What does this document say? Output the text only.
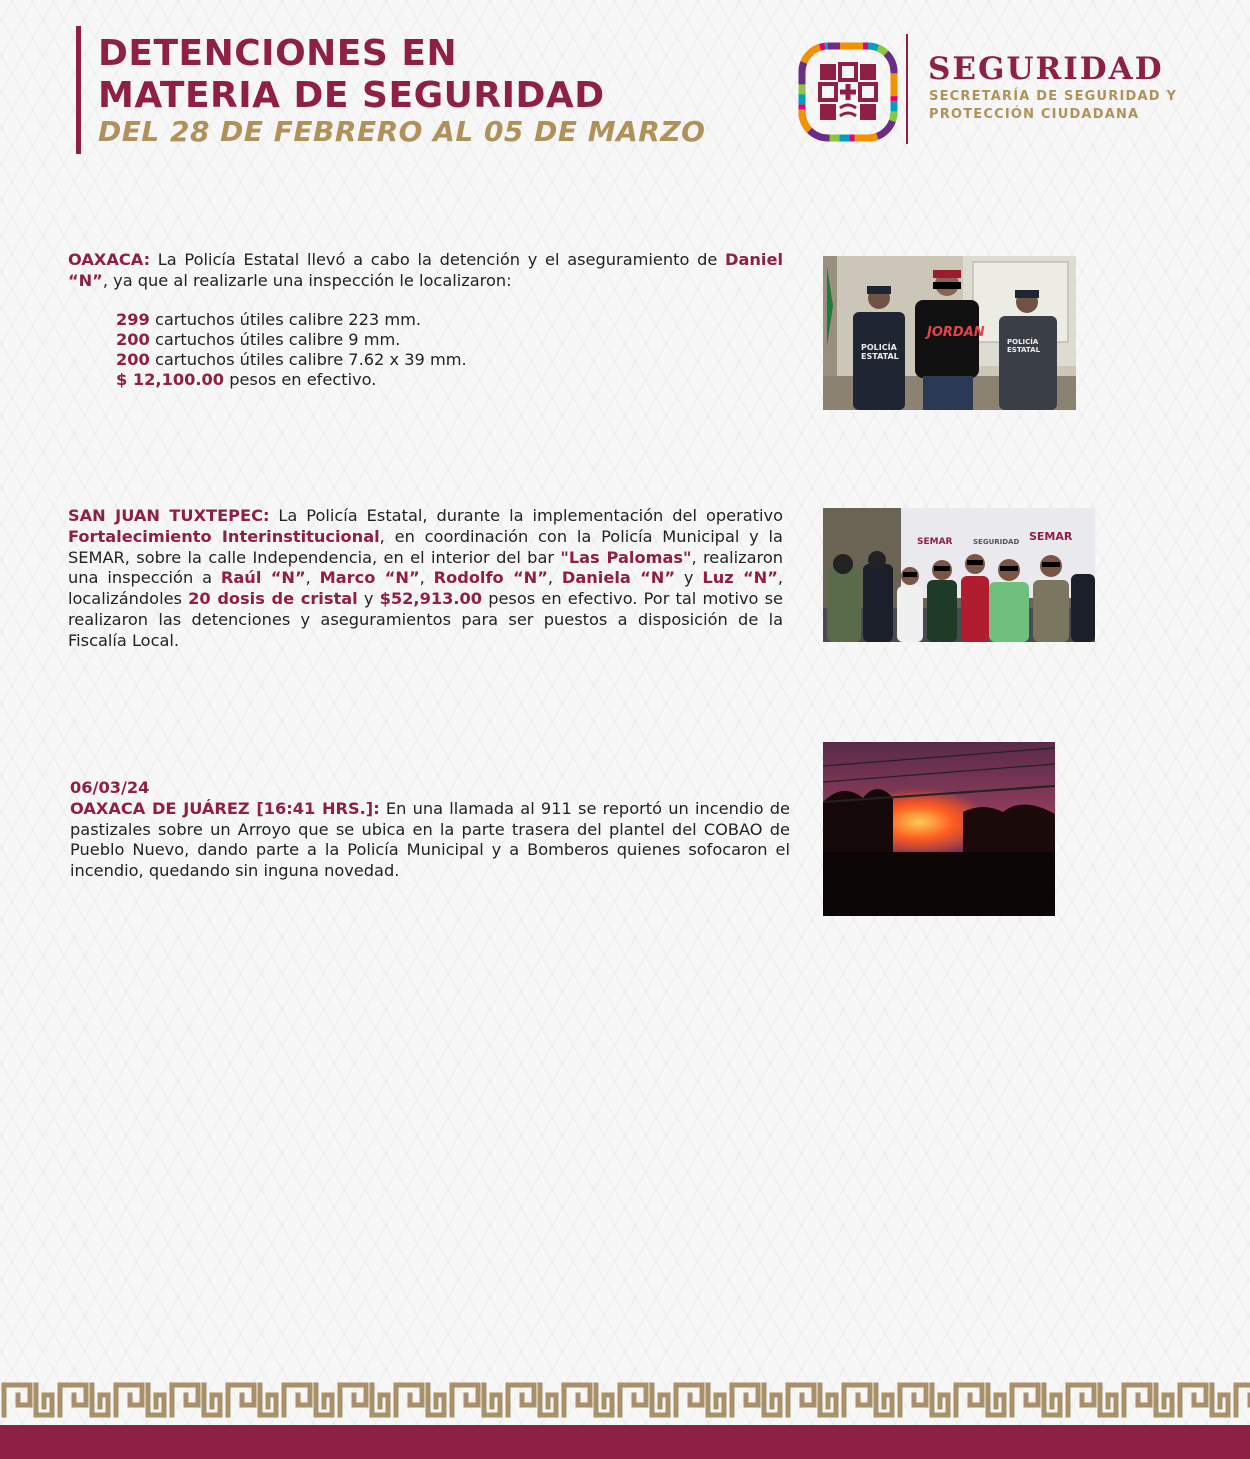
DETENCIONES EN
MATERIA DE SEGURIDAD
DEL 28 DE FEBRERO AL 05 DE MARZO
SEGURIDAD
SECRETARÍA DE SEGURIDAD Y
PROTECCIÓN CIUDADANA

OAXACA: La Policía Estatal llevó a cabo la detención y el aseguramiento de Daniel “N”, ya que al realizarle una inspección le localizaron:

299 cartuchos útiles calibre 223 mm.
200 cartuchos útiles calibre 9 mm.
200 cartuchos útiles calibre 7.62 x 39 mm.
$ 12,100.00 pesos en efectivo.
POLICÍA
ESTATAL
JORDAN
POLICÍA
ESTATAL

SAN JUAN TUXTEPEC: La Policía Estatal, durante la implementación del operativo Fortalecimiento Interinstitucional, en coordinación con la Policía Municipal y la SEMAR, sobre la calle Independencia, en el interior del bar "Las Palomas", realizaron una inspección a Raúl “N”, Marco “N”, Rodolfo “N”, Daniela “N” y Luz “N”, localizándoles 20 dosis de cristal y $52,913.00 pesos en efectivo. Por tal motivo se realizaron las detenciones y aseguramientos para ser puestos a disposición de la Fiscalía Local.

SEMAR	SEGURIDAD SEMAR

06/03/24

OAXACA DE JUÁREZ [16:41 HRS.]: En una llamada al 911 se reportó un incendio de pastizales sobre un Arroyo que se ubica en la parte trasera del plantel del COBAO de Pueblo Nuevo, dando parte a la Policía Municipal y a Bomberos quienes sofocaron el incendio, quedando sin inguna novedad.
